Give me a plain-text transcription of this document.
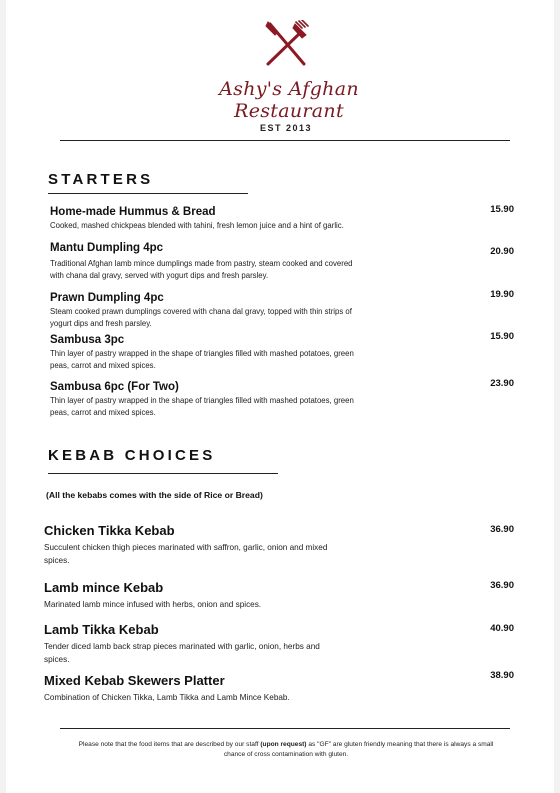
Ashy's Afghan Restaurant
EST 2013
STARTERS
Home-made Hummus & Bread
Cooked, mashed chickpeas blended with tahini, fresh lemon juice and a hint of garlic.
15.90
Mantu Dumpling 4pc
Traditional Afghan lamb mince dumplings made from pastry, steam cooked and covered with chana dal gravy, served with yogurt dips and fresh parsley.
20.90
Prawn Dumpling 4pc
Steam cooked prawn dumplings covered with chana dal gravy, topped with thin strips of yogurt dips and fresh parsley.
19.90
Sambusa 3pc
Thin layer of pastry wrapped in the shape of triangles filled with mashed potatoes, green peas, carrot and mixed spices.
15.90
Sambusa 6pc (For Two)
Thin layer of pastry wrapped in the shape of triangles filled with mashed potatoes, green peas, carrot and mixed spices.
23.90
KEBAB CHOICES
(All the kebabs comes with the side of Rice or Bread)
Chicken Tikka Kebab
Succulent chicken thigh pieces marinated with saffron, garlic, onion and mixed spices.
36.90
Lamb mince Kebab
Marinated lamb mince infused with herbs, onion and spices.
36.90
Lamb Tikka Kebab
Tender diced lamb back strap pieces marinated with garlic, onion, herbs and spices.
40.90
Mixed Kebab Skewers Platter
Combination of Chicken Tikka, Lamb Tikka and Lamb Mince Kebab.
38.90
Please note that the food items that are described by our staff (upon request) as "GF" are gluten friendly meaning that there is always a small chance of cross contamination with gluten.
